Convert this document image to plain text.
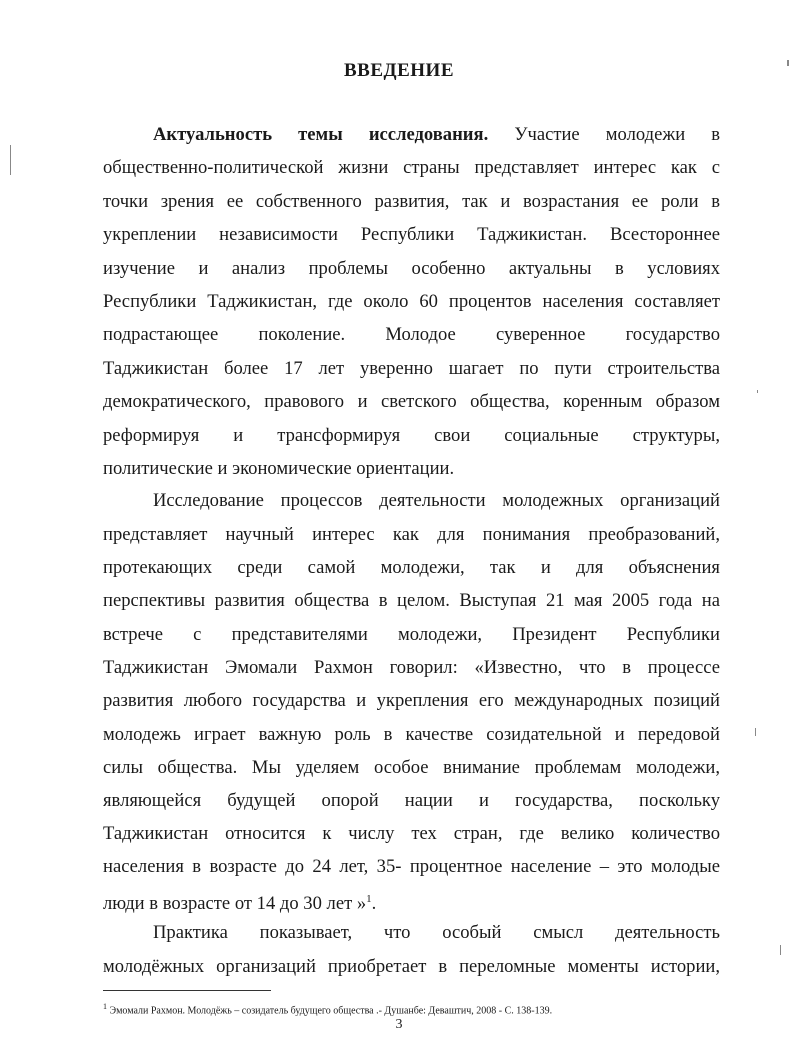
ВВЕДЕНИЕ
Актуальность темы исследования. Участие молодежи в
общественно-политической жизни страны представляет интерес как с
точки зрения ее собственного развития, так и возрастания ее роли в
укреплении независимости Республики Таджикистан. Всестороннее
изучение и анализ проблемы особенно актуальны в условиях
Республики Таджикистан, где около 60 процентов населения составляет
подрастающее поколение. Молодое суверенное государство
Таджикистан более 17 лет уверенно шагает по пути строительства
демократического, правового и светского общества, коренным образом
реформируя и трансформируя свои социальные структуры,
политические и экономические ориентации.
Исследование процессов деятельности молодежных организаций
представляет научный интерес как для понимания преобразований,
протекающих среди самой молодежи, так и для объяснения
перспективы развития общества в целом. Выступая 21 мая 2005 года на
встрече с представителями молодежи, Президент Республики
Таджикистан Эмомали Рахмон говорил: «Известно, что в процессе
развития любого государства и укрепления его международных позиций
молодежь играет важную роль в качестве созидательной и передовой
силы общества. Мы уделяем особое внимание проблемам молодежи,
являющейся будущей опорой нации и государства, поскольку
Таджикистан относится к числу тех стран, где велико количество
населения в возрасте до 24 лет, 35- процентное население – это молодые
люди в возрасте от 14 до 30 лет »$^1$.
Практика показывает, что особый смысл деятельность
молодёжных организаций приобретает в переломные моменты истории,
$^1$ Эмомали Рахмон. Молодёжь – созидатель будущего общества .- Душанбе: Деваштич, 2008 - С. 138-139.
3
